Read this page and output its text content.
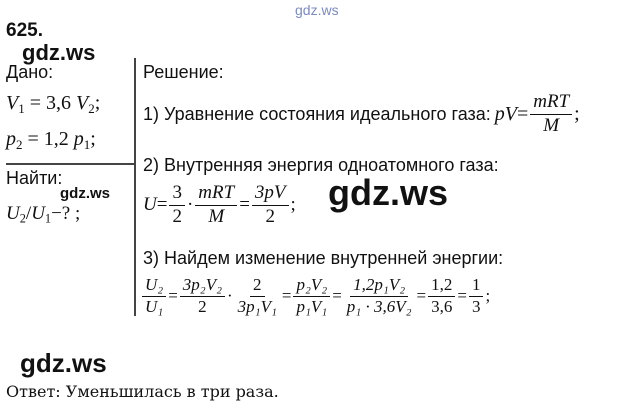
gdz.ws
gdz.ws
gdz.ws	gdz.ws
gdz.ws
625.
Дано:
$V_1 = 3,6$ $V_2$;
$p_2 = 1,2$ $p_1$;
Найти:
$U_2/U_1-$? ;
Решение:
1) Уравнение состояния идеального газа: pV = $\frac{\text{mRT}}{M}$ ;
2) Внутренняя энергия одноатомного газа:
$U = \frac{3}{2} \cdot \frac{\text{mRT}}{M} = \frac{3pV}{2}$ ;
3) Найдем изменение внутренней энергии:
$\frac{\text{U₂}}{\text{U₁}} = \frac{\text{3p₂V₂}}{2} \cdot \frac{2}{\text{3p₁V₁}} = \frac{\text{p₂V₂}}{\text{p₁V₁}} = \frac{\text{1,2p₁V₂}}{\text{p₁ · 3,6V₂}} = \frac{1,2}{3,6} = \frac{1}{3}$ ;
Ответ: Уменьшилась в три раза.
